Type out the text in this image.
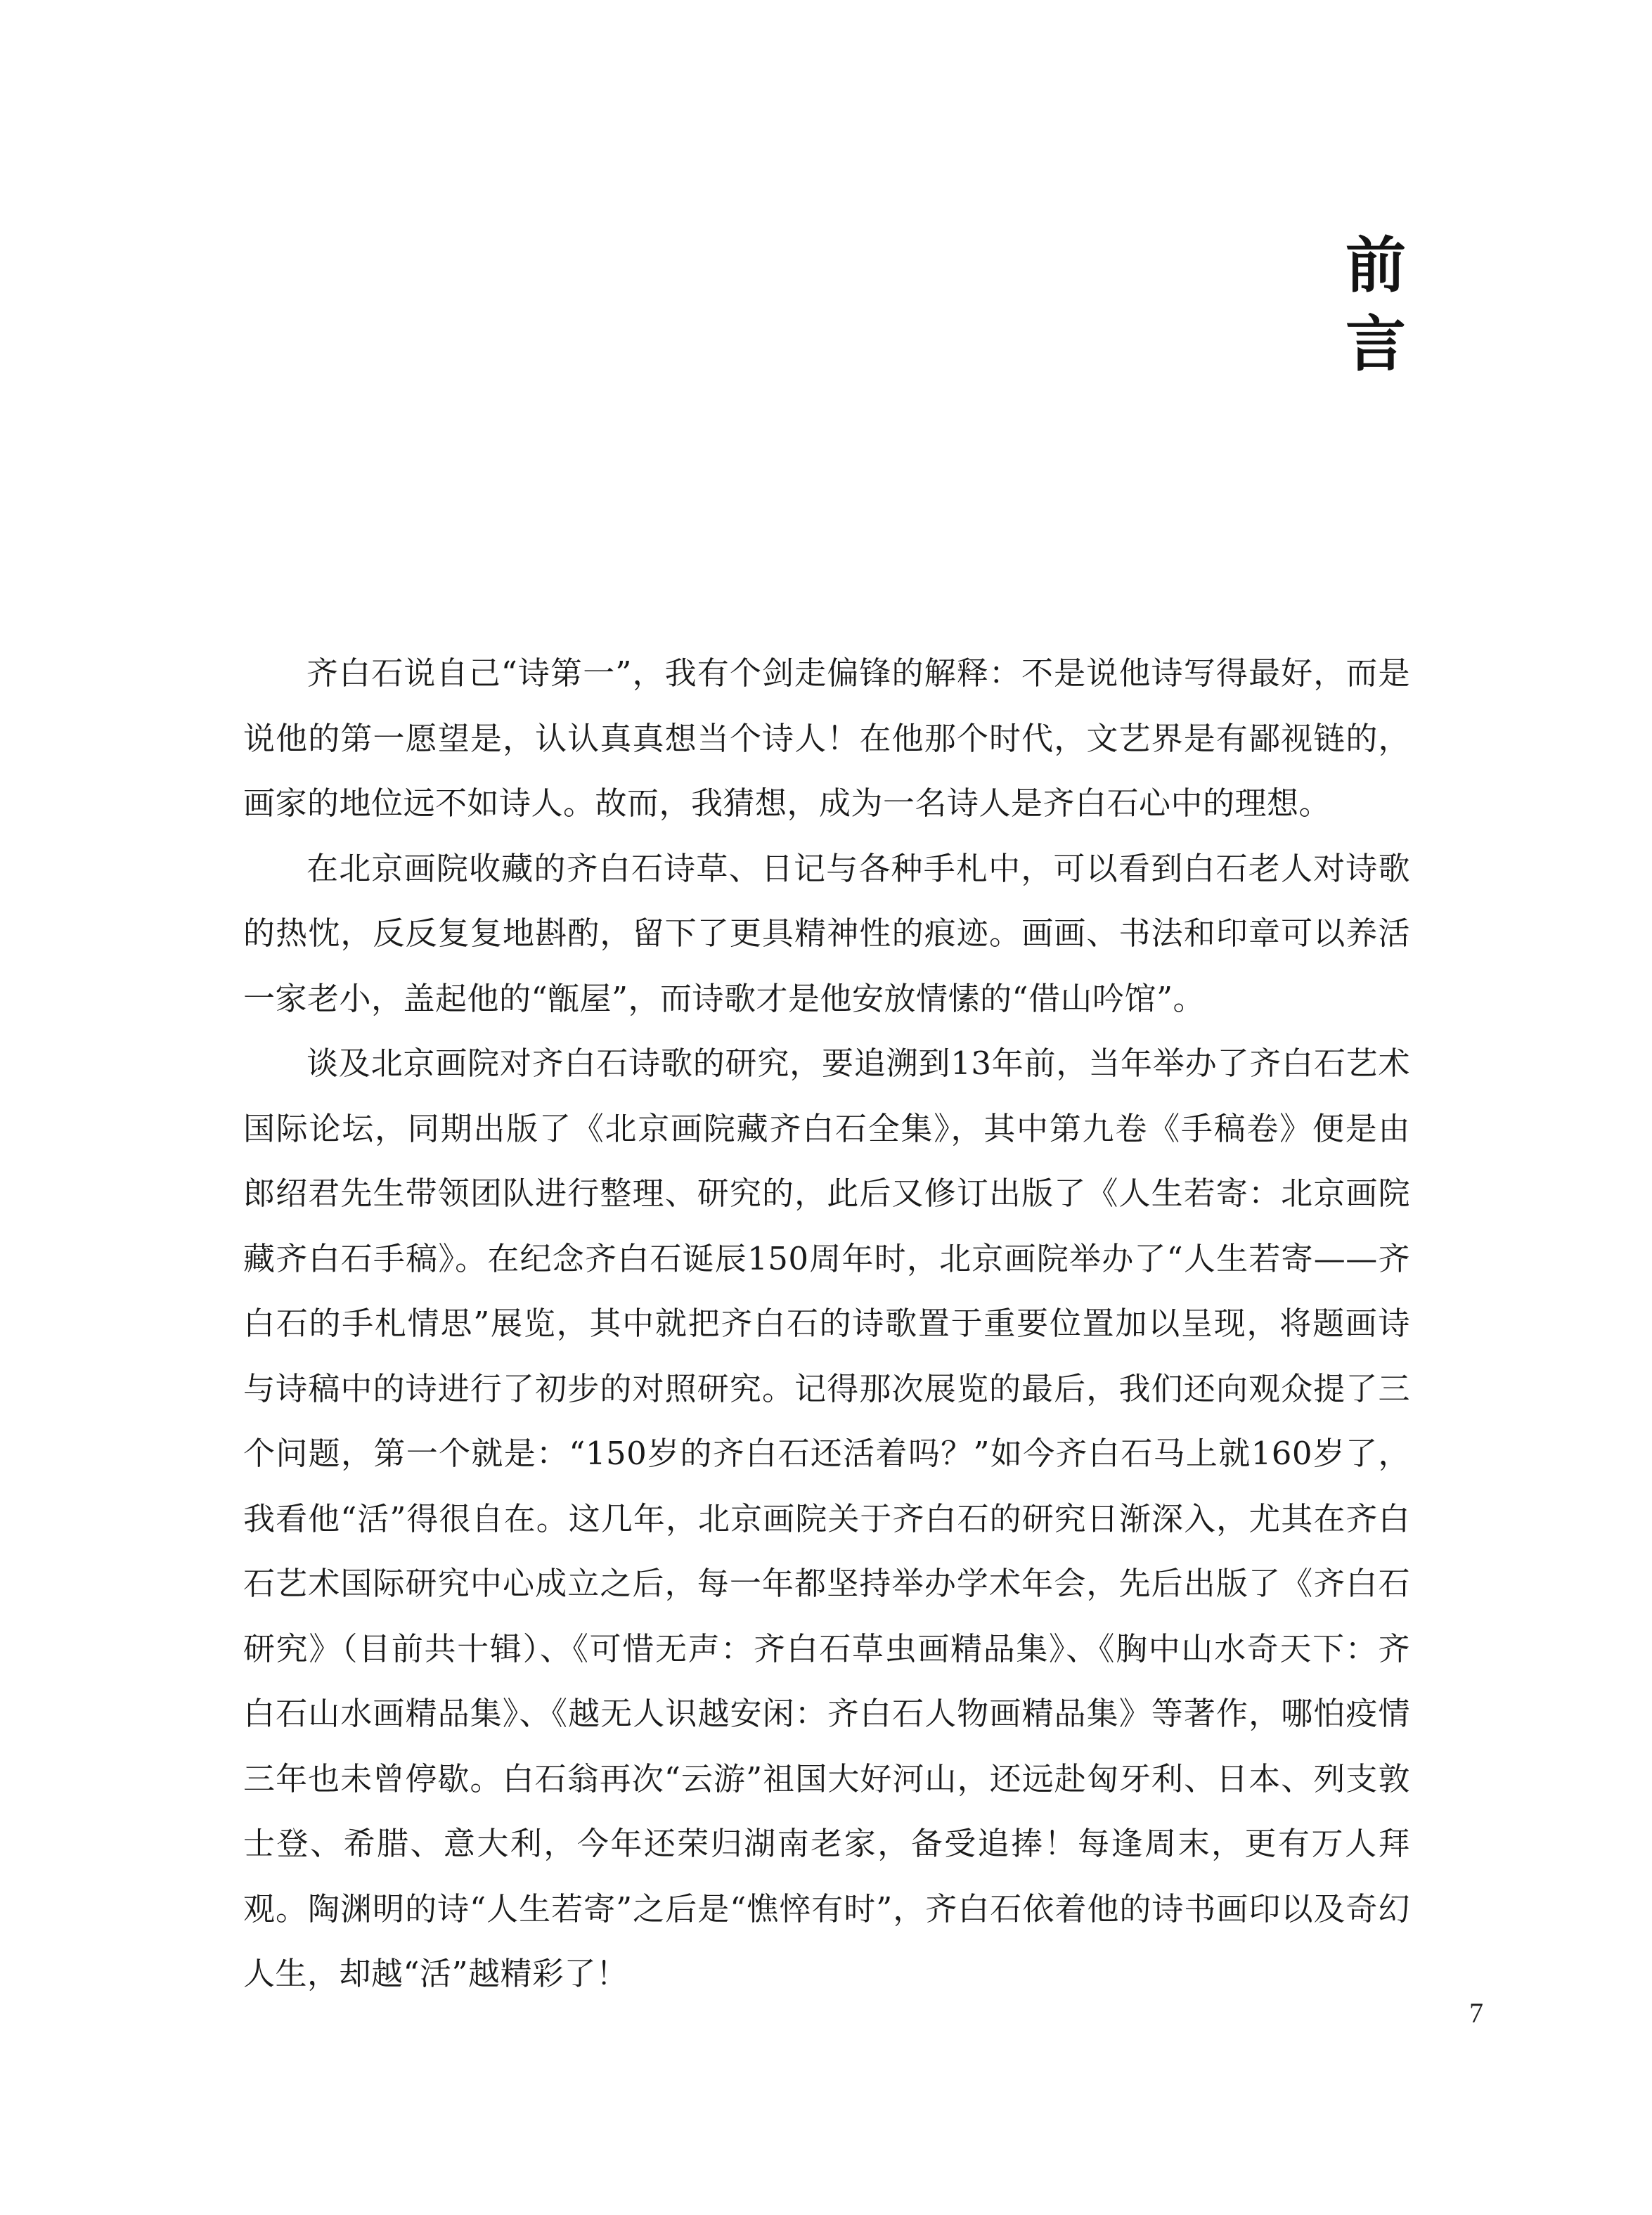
前
言

齐白石说自己“诗第一”，我有个剑走偏锋的解释：不是说他诗写得最好，而是说他的第一愿望是，认认真真想当个诗人！在他那个时代，文艺界是有鄙视链的，画家的地位远不如诗人。故而，我猜想，成为一名诗人是齐白石心中的理想。

在北京画院收藏的齐白石诗草、日记与各种手札中，可以看到白石老人对诗歌的热忱，反反复复地斟酌，留下了更具精神性的痕迹。画画、书法和印章可以养活一家老小，盖起他的“甑屋”，而诗歌才是他安放情愫的“借山吟馆”。

谈及北京画院对齐白石诗歌的研究，要追溯到13年前，当年举办了齐白石艺术国际论坛，同期出版了《北京画院藏齐白石全集》，其中第九卷《手稿卷》便是由郎绍君先生带领团队进行整理、研究的，此后又修订出版了《人生若寄：北京画院藏齐白石手稿》。在纪念齐白石诞辰150周年时，北京画院举办了“人生若寄——齐白石的手札情思”展览，其中就把齐白石的诗歌置于重要位置加以呈现，将题画诗与诗稿中的诗进行了初步的对照研究。记得那次展览的最后，我们还向观众提了三个问题，第一个就是：“150岁的齐白石还活着吗？”如今齐白石马上就160岁了，我看他“活”得很自在。这几年，北京画院关于齐白石的研究日渐深入，尤其在齐白石艺术国际研究中心成立之后，每一年都坚持举办学术年会，先后出版了《齐白石研究》（目前共十辑）、《可惜无声：齐白石草虫画精品集》、《胸中山水奇天下：齐白石山水画精品集》、《越无人识越安闲：齐白石人物画精品集》等著作，哪怕疫情三年也未曾停歇。白石翁再次“云游”祖国大好河山，还远赴匈牙利、日本、列支敦士登、希腊、意大利，今年还荣归湖南老家，备受追捧！每逢周末，更有万人拜观。陶渊明的诗“人生若寄”之后是“憔悴有时”，齐白石依着他的诗书画印以及奇幻人生，却越“活”越精彩了！

7
